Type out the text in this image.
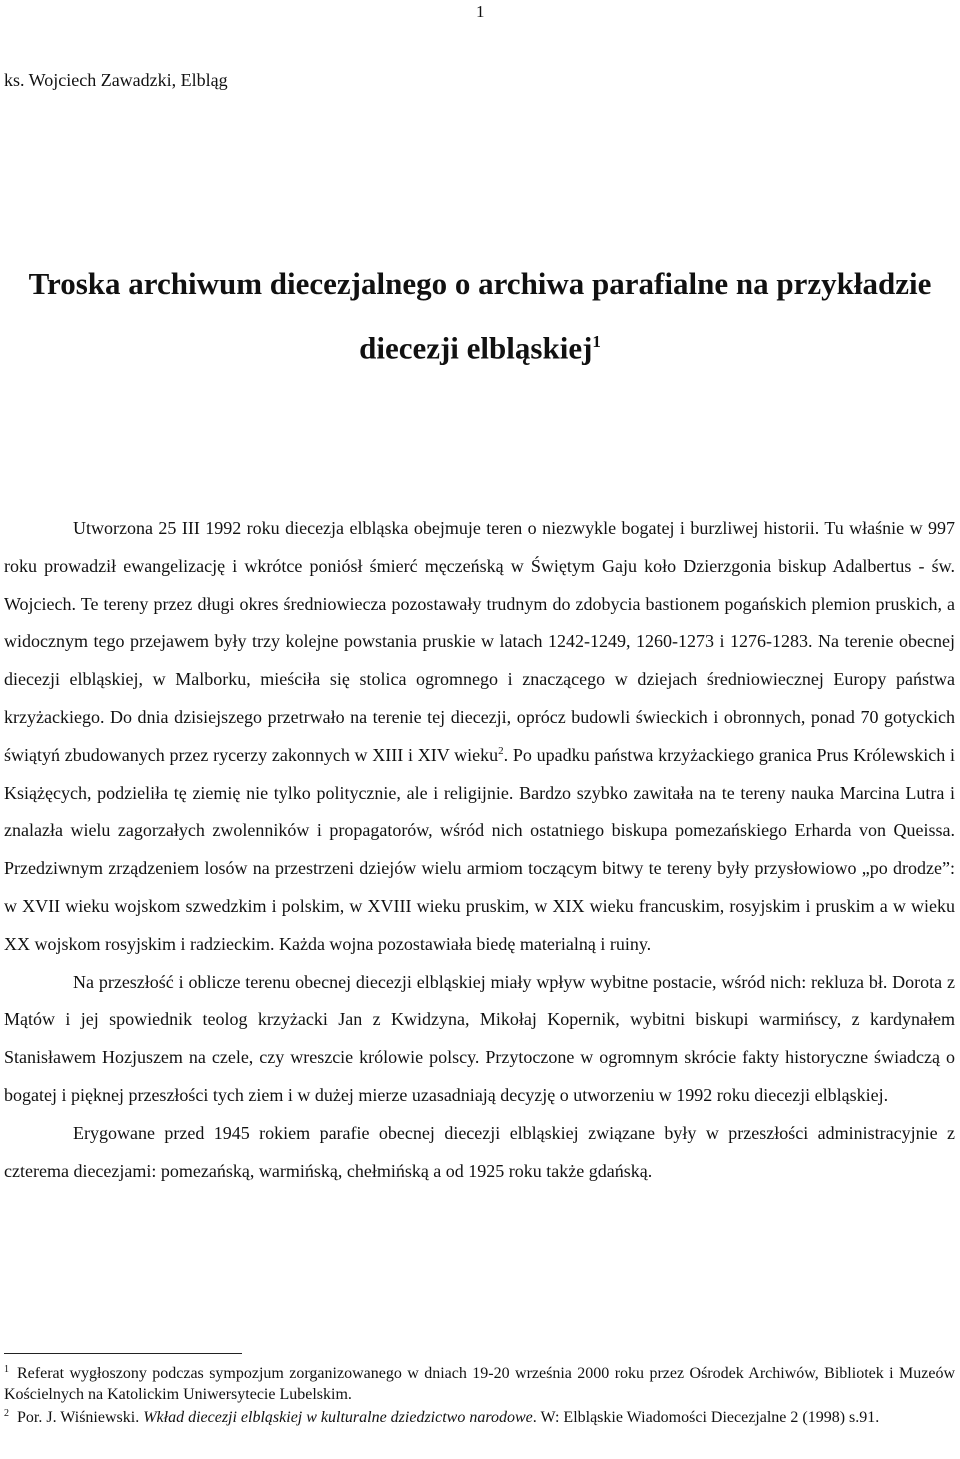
1
ks. Wojciech Zawadzki, Elbląg
Troska archiwum diecezjalnego o archiwa parafialne na przykładzie
diecezji elbląskiej$^1$

Utworzona 25 III 1992 roku diecezja elbląska obejmuje teren o niezwykle bogatej i burzliwej historii. Tu właśnie w 997 roku prowadził ewangelizację i wkrótce poniósł śmierć męczeńską w Świętym Gaju koło Dzierzgonia biskup Adalbertus - św. Wojciech. Te tereny przez długi okres średniowiecza pozostawały trudnym do zdobycia bastionem pogańskich plemion pruskich, a widocznym tego przejawem były trzy kolejne powstania pruskie w latach 1242-1249, 1260-1273 i 1276-1283. Na terenie obecnej diecezji elbląskiej, w Malborku, mieściła się stolica ogromnego i znaczącego w dziejach średniowiecznej Europy państwa krzyżackiego. Do dnia dzisiejszego przetrwało na terenie tej diecezji, oprócz budowli świeckich i obronnych, ponad 70 gotyckich świątyń zbudowanych przez rycerzy zakonnych w XIII i XIV wieku$^2$. Po upadku państwa krzyżackiego granica Prus Królewskich i Książęcych, podzieliła tę ziemię nie tylko politycznie, ale i religijnie. Bardzo szybko zawitała na te tereny nauka Marcina Lutra i znalazła wielu zagorzałych zwolenników i propagatorów, wśród nich ostatniego biskupa pomezańskiego Erharda von Queissa. Przedziwnym zrządzeniem losów na przestrzeni dziejów wielu armiom toczącym bitwy te tereny były przysłowiowo „po drodze”: w XVII wieku wojskom szwedzkim i polskim, w XVIII wieku pruskim, w XIX wieku francuskim, rosyjskim i pruskim a w wieku XX wojskom rosyjskim i radzieckim. Każda wojna pozostawiała biedę materialną i ruiny.

Na przeszłość i oblicze terenu obecnej diecezji elbląskiej miały wpływ wybitne postacie, wśród nich: rekluza bł. Dorota z Mątów i jej spowiednik teolog krzyżacki Jan z Kwidzyna, Mikołaj Kopernik, wybitni biskupi warmińscy, z kardynałem Stanisławem Hozjuszem na czele, czy wreszcie królowie polscy. Przytoczone w ogromnym skrócie fakty historyczne świadczą o bogatej i pięknej przeszłości tych ziem i w dużej mierze uzasadniają decyzję o utworzeniu w 1992 roku diecezji elbląskiej.

Erygowane przed 1945 rokiem parafie obecnej diecezji elbląskiej związane były w przeszłości administracyjnie z czterema diecezjami: pomezańską, warmińską, chełmińską a od 1925 roku także gdańską.

$^1$ Referat wygłoszony podczas sympozjum zorganizowanego w dniach 19-20 września 2000 roku przez Ośrodek Archiwów, Bibliotek i Muzeów Kościelnych na Katolickim Uniwersytecie Lubelskim.

$^2$ Por. J. Wiśniewski. Wkład diecezji elbląskiej w kulturalne dziedzictwo narodowe. W: Elbląskie Wiadomości Diecezjalne 2 (1998) s.91.
